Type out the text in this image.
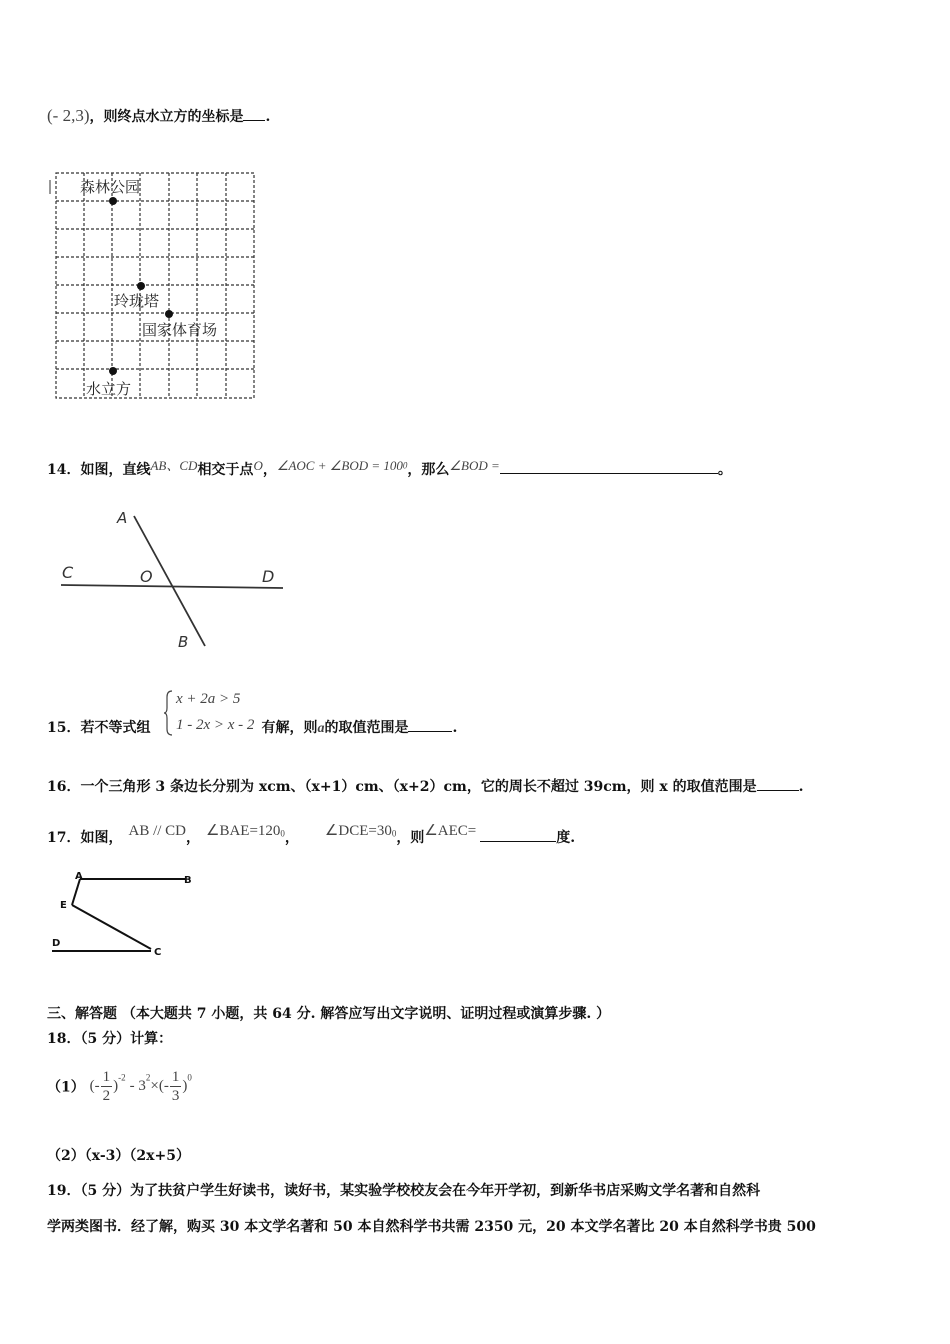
(- 2,3)，则终点水立方的坐标是 .
森林公园
玲珑塔
国家体育场
水立方
14．如图，直线AB、CD相交于点O，∠AOC + ∠BOD = $100^0$，那么∠BOD =	。
A
C	O	D
B
x + 2a > 5
1 - 2x > x - 2
15．若不等式组	有解，则a的取值范围是	.
16．一个三角形 3 条边长分别为 xcm、（x+1）cm、（x+2）cm，它的周长不超过 39cm，则 x 的取值范围是	.
17．如图， AB // CD， $\angle BAE=120^0$， $\angle DCE=30^0$，则∠AEC=	度.
A	B
E
D
C
三、解答题 （本大题共 7 小题，共 64 分. 解答应写出文字说明、证明过程或演算步骤. ）
18．（5 分）计算：
（1） (- $\frac{1}{2} )^{-2}-$ $3^2\times(- \frac{1}{3} )^0$
（2）（x-3）（2x+5）
19．（5 分）为了扶贫户学生好读书，读好书，某实验学校校友会在今年开学初，到新华书店采购文学名著和自然科
学两类图书．经了解，购买 30 本文学名著和 50 本自然科学书共需 2350 元，20 本文学名著比 20 本自然科学书贵 500
